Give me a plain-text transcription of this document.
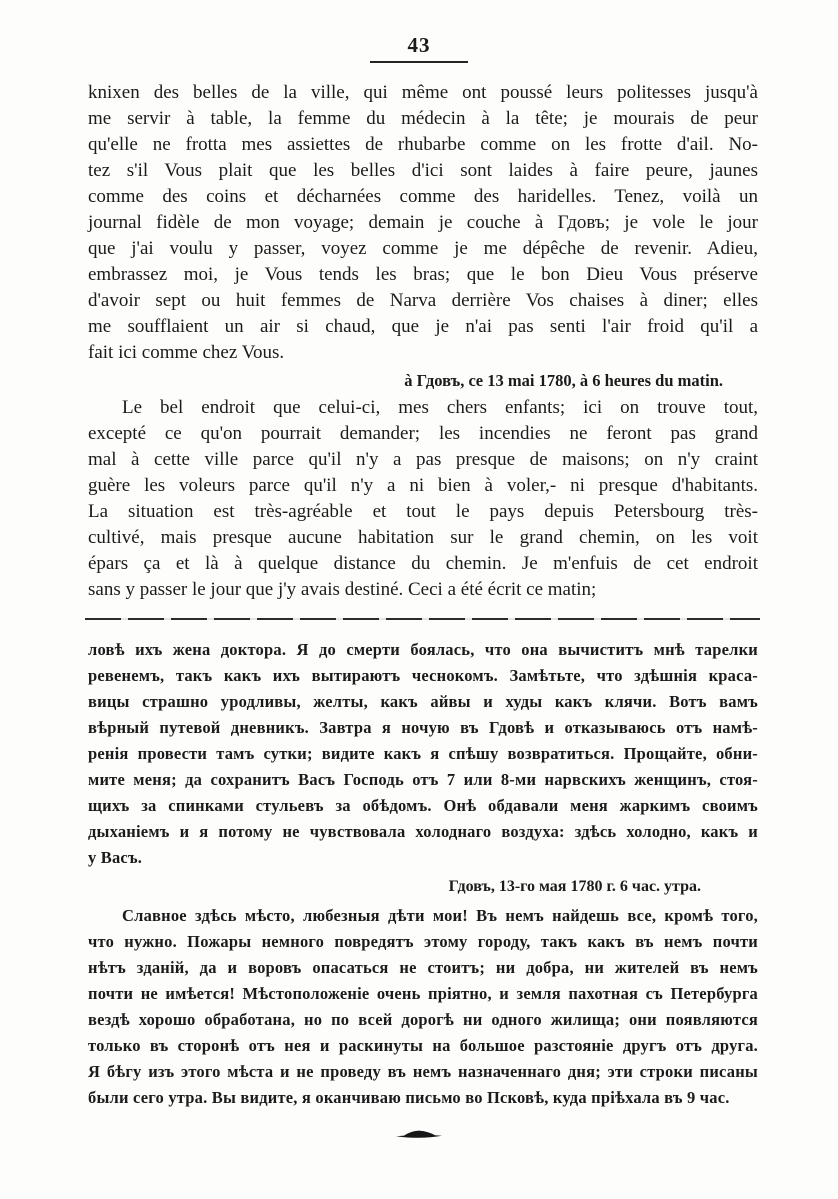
43
knixen des belles de la ville, qui même ont poussé leurs politesses jusqu'à
me servir à table, la femme du médecin à la tête; je mourais de peur
qu'elle ne frotta mes assiettes de rhubarbe comme on les frotte d'ail. No-
tez s'il Vous plait que les belles d'ici sont laides à faire peure, jaunes
comme des coins et décharnées comme des haridelles. Tenez, voilà un
journal fidèle de mon voyage; demain je couche à Гдовъ; je vole le jour
que j'ai voulu y passer, voyez comme je me dépêche de revenir. Adieu,
embrassez moi, je Vous tends les bras; que le bon Dieu Vous préserve
d'avoir sept ou huit femmes de Narva derrière Vos chaises à diner; elles
me soufflaient un air si chaud, que je n'ai pas senti l'air froid qu'il a
fait ici comme chez Vous.
à Гдовъ, ce 13 mai 1780, à 6 heures du matin.
Le bel endroit que celui-ci, mes chers enfants; ici on trouve tout,
excepté ce qu'on pourrait demander; les incendies ne feront pas grand
mal à cette ville parce qu'il n'y a pas presque de maisons; on n'y craint
guère les voleurs parce qu'il n'y a ni bien à voler,- ni presque d'habitants.
La situation est très-agréable et tout le pays depuis Petersbourg très-
cultivé, mais presque aucune habitation sur le grand chemin, on les voit
épars ça et là à quelque distance du chemin. Je m'enfuis de cet endroit
sans y passer le jour que j'y avais destiné. Ceci a été écrit ce matin;
ловѣ ихъ жена доктора. Я до смерти боялась, что она вычиститъ мнѣ тарелки
ревенемъ, такъ какъ ихъ вытираютъ чеснокомъ. Замѣтьте, что здѣшнія краса-
вицы страшно уродливы, желты, какъ айвы и худы какъ клячи. Вотъ вамъ
вѣрный путевой дневникъ. Завтра я ночую въ Гдовѣ и отказываюсь отъ намѣ-
ренія провести тамъ сутки; видите какъ я спѣшу возвратиться. Прощайте, обни-
мите меня; да сохранитъ Васъ Господь отъ 7 или 8-ми нарвскихъ женщинъ, стоя-
щихъ за спинками стульевъ за обѣдомъ. Онѣ обдавали меня жаркимъ своимъ
дыханіемъ и я потому не чувствовала холоднаго воздуха: здѣсь холодно, какъ и
у Васъ.
Гдовъ, 13-го мая 1780 г. 6 час. утра.
Славное здѣсь мѣсто, любезныя дѣти мои! Въ немъ найдешь все, кромѣ того,
что нужно. Пожары немного повредятъ этому городу, такъ какъ въ немъ почти
нѣтъ зданій, да и воровъ опасаться не стоитъ; ни добра, ни жителей въ немъ
почти не имѣется! Мѣстоположеніе очень пріятно, и земля пахотная съ Петербурга
вездѣ хорошо обработана, но по всей дорогѣ ни одного жилища; они появляются
только въ сторонѣ отъ нея и раскинуты на большое разстояніе другъ отъ друга.
Я бѣгу изъ этого мѣста и не проведу въ немъ назначеннаго дня; эти строки писаны
были сего утра. Вы видите, я оканчиваю письмо во Псковѣ, куда пріѣхала въ 9 час.
